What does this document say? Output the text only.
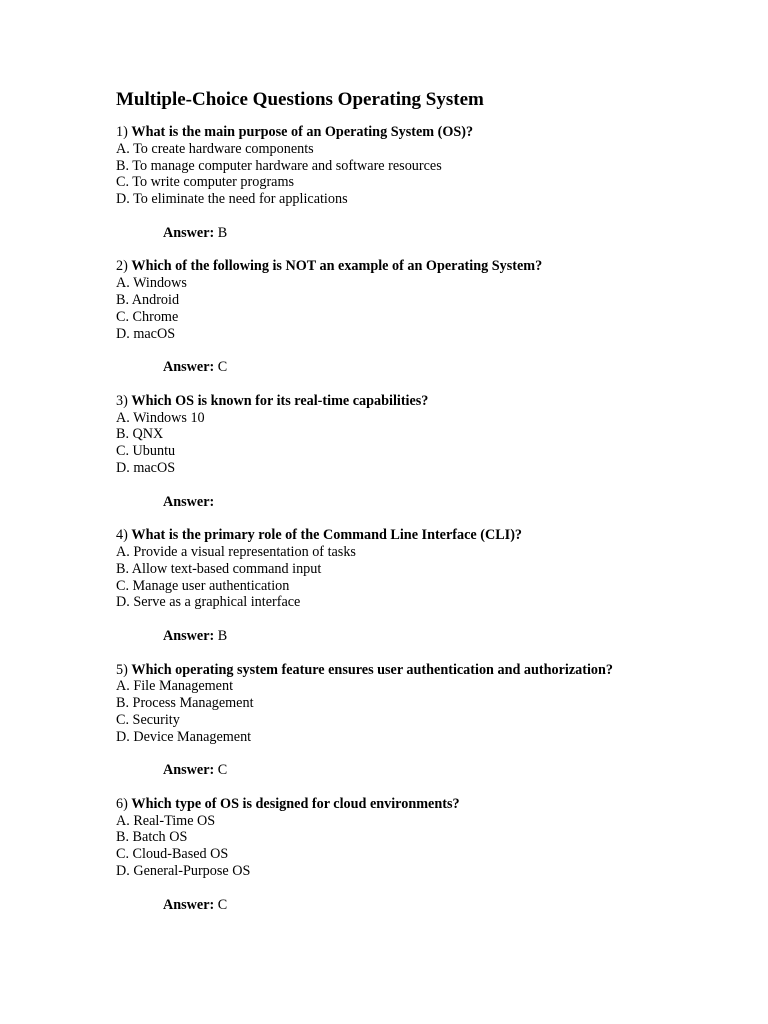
Multiple-Choice Questions Operating System
1) What is the main purpose of an Operating System (OS)?
A. To create hardware components
B. To manage computer hardware and software resources
C. To write computer programs
D. To eliminate the need for applications
Answer: B
2) Which of the following is NOT an example of an Operating System?
A. Windows
B. Android
C. Chrome
D. macOS
Answer: C
3) Which OS is known for its real-time capabilities?
A. Windows 10
B. QNX
C. Ubuntu
D. macOS
Answer:
4) What is the primary role of the Command Line Interface (CLI)?
A. Provide a visual representation of tasks
B. Allow text-based command input
C. Manage user authentication
D. Serve as a graphical interface
Answer: B
5) Which operating system feature ensures user authentication and authorization?
A. File Management
B. Process Management
C. Security
D. Device Management
Answer: C
6) Which type of OS is designed for cloud environments?
A. Real-Time OS
B. Batch OS
C. Cloud-Based OS
D. General-Purpose OS
Answer: C
